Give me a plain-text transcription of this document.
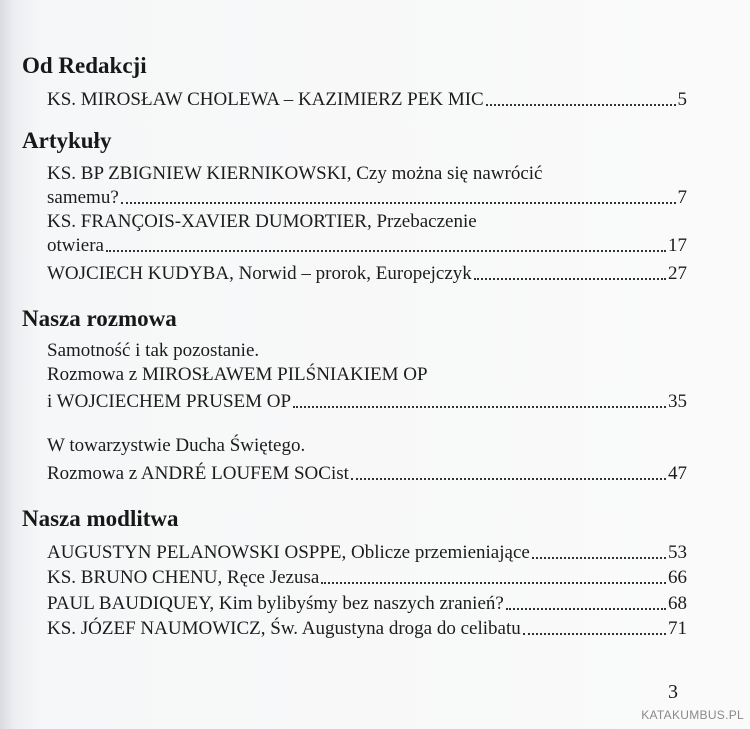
Od Redakcji
KS. MIROSŁAW CHOLEWA – KAZIMIERZ PEK MIC	5
Artykuły
KS. BP ZBIGNIEW KIERNIKOWSKI, Czy można się nawrócić
samemu?	7
KS. FRANÇOIS-XAVIER DUMORTIER, Przebaczenie
otwiera	17
WOJCIECH KUDYBA, Norwid – prorok, Europejczyk	27
Nasza rozmowa
Samotność i tak pozostanie.
Rozmowa z MIROSŁAWEM PILŚNIAKIEM OP
i WOJCIECHEM PRUSEM OP	35
W towarzystwie Ducha Świętego.
Rozmowa z ANDRÉ LOUFEM SOCist	47
Nasza modlitwa
AUGUSTYN PELANOWSKI OSPPE, Oblicze przemieniające	53
KS. BRUNO CHENU, Ręce Jezusa	66
PAUL BAUDIQUEY, Kim bylibyśmy bez naszych zranień?	68
KS. JÓZEF NAUMOWICZ, Św. Augustyna droga do celibatu	71
3
KATAKUMBUS.PL
